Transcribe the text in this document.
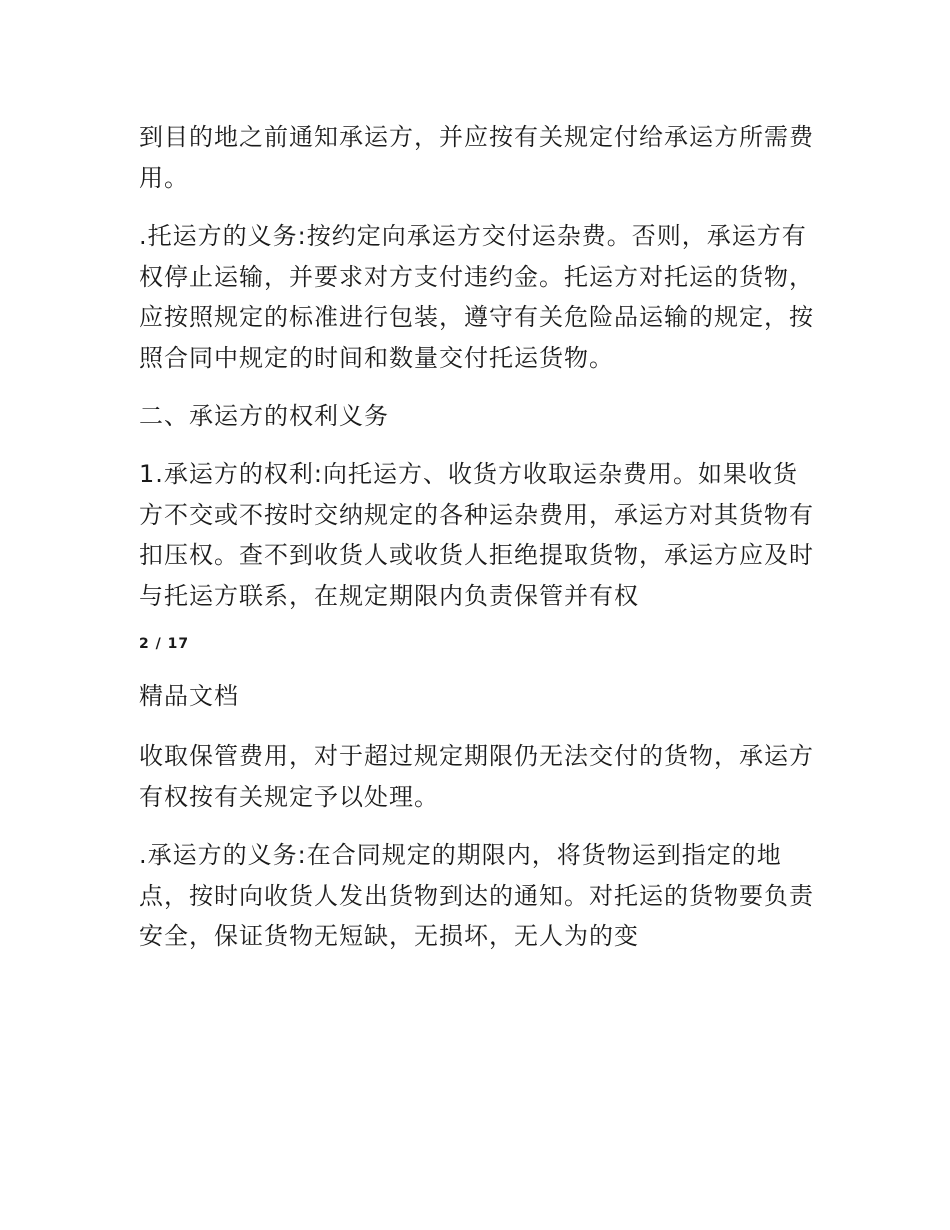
到目的地之前通知承运方，并应按有关规定付给承运方所需费用。

.托运方的义务:按约定向承运方交付运杂费。否则，承运方有权停止运输，并要求对方支付违约金。托运方对托运的货物，应按照规定的标准进行包装，遵守有关危险品运输的规定，按照合同中规定的时间和数量交付托运货物。

二、承运方的权利义务

1.承运方的权利:向托运方、收货方收取运杂费用。如果收货方不交或不按时交纳规定的各种运杂费用，承运方对其货物有扣压权。查不到收货人或收货人拒绝提取货物，承运方应及时与托运方联系，在规定期限内负责保管并有权

2 / 17
精品文档

收取保管费用，对于超过规定期限仍无法交付的货物，承运方有权按有关规定予以处理。

.承运方的义务:在合同规定的期限内，将货物运到指定的地点，按时向收货人发出货物到达的通知。对托运的货物要负责安全，保证货物无短缺，无损坏，无人为的变
